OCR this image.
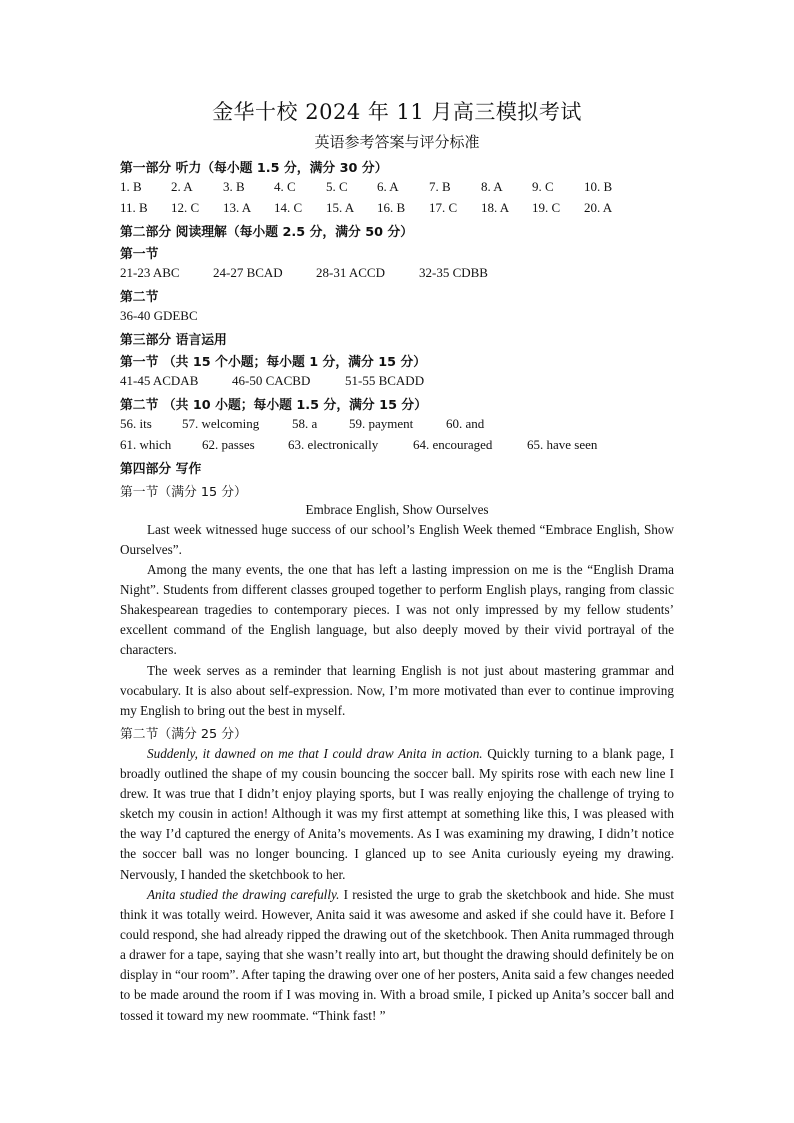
金华十校 2024 年 11 月高三模拟考试
英语参考答案与评分标准
第一部分 听力（每小题 1.5 分，满分 30 分）
1. B 2. A 3. B 4. C 5. C 6. A 7. B 8. A 9. C 10. B
11. B 12. C 13. A 14. C 15. A 16. B 17. C 18. A 19. C 20. A
第二部分 阅读理解（每小题 2.5 分，满分 50 分）
第一节
21-23 ABC	24-27 BCAD	28-31 ACCD	32-35 CDBB
第二节
36-40 GDEBC
第三部分 语言运用
第一节 （共 15 个小题；每小题 1 分，满分 15 分）
41-45 ACDAB	46-50 CACBD	51-55 BCADD
第二节 （共 10 小题；每小题 1.5 分，满分 15 分）
56. its 57. welcoming	58. a 59. payment	60. and
61. which 62. passes	63. electronically	64. encouraged	65. have seen
第四部分 写作
第一节（满分 15 分）
Embrace English, Show Ourselves

Last week witnessed huge success of our school’s English Week themed “Embrace English, Show Ourselves”.

Among the many events, the one that has left a lasting impression on me is the “English Drama Night”. Students from different classes grouped together to perform English plays, ranging from classic Shakespearean tragedies to contemporary pieces. I was not only impressed by my fellow students’ excellent command of the English language, but also deeply moved by their vivid portrayal of the characters.

The week serves as a reminder that learning English is not just about mastering grammar and vocabulary. It is also about self-expression. Now, I’m more motivated than ever to continue improving my English to bring out the best in myself.

第二节（满分 25 分）

Suddenly, it dawned on me that I could draw Anita in action. Quickly turning to a blank page, I broadly outlined the shape of my cousin bouncing the soccer ball. My spirits rose with each new line I drew. It was true that I didn’t enjoy playing sports, but I was really enjoying the challenge of trying to sketch my cousin in action! Although it was my first attempt at something like this, I was pleased with the way I’d captured the energy of Anita’s movements. As I was examining my drawing, I didn’t notice the soccer ball was no longer bouncing. I glanced up to see Anita curiously eyeing my drawing. Nervously, I handed the sketchbook to her.

Anita studied the drawing carefully. I resisted the urge to grab the sketchbook and hide. She must think it was totally weird. However, Anita said it was awesome and asked if she could have it. Before I could respond, she had already ripped the drawing out of the sketchbook. Then Anita rummaged through a drawer for a tape, saying that she wasn’t really into art, but thought the drawing should definitely be on display in “our room”. After taping the drawing over one of her posters, Anita said a few changes needed to be made around the room if I was moving in. With a broad smile, I picked up Anita’s soccer ball and tossed it toward my new roommate. “Think fast! ”
